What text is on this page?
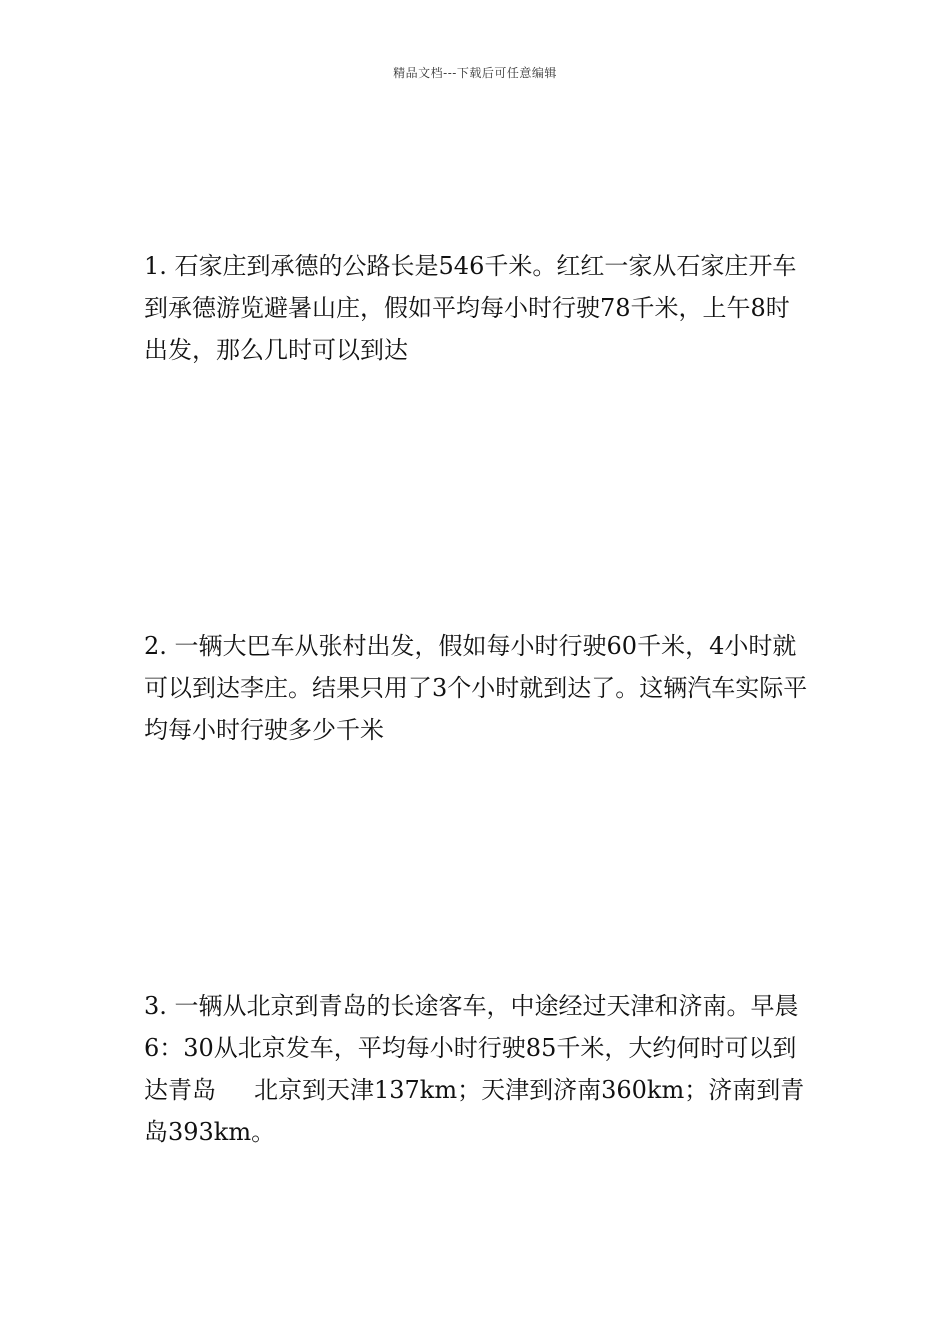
精品文档---下载后可任意编辑

1. 石家庄到承德的公路长是546千米。红红一家从石家庄开车到承德游览避暑山庄，假如平均每小时行驶78千米，上午8时出发，那么几时可以到达

2. 一辆大巴车从张村出发，假如每小时行驶60千米，4小时就可以到达李庄。结果只用了3个小时就到达了。这辆汽车实际平均每小时行驶多少千米

3. 一辆从北京到青岛的长途客车，中途经过天津和济南。早晨6：30从北京发车，平均每小时行驶85千米，大约何时可以到达青岛 北京到天津137km；天津到济南360km；济南到青岛393km。
